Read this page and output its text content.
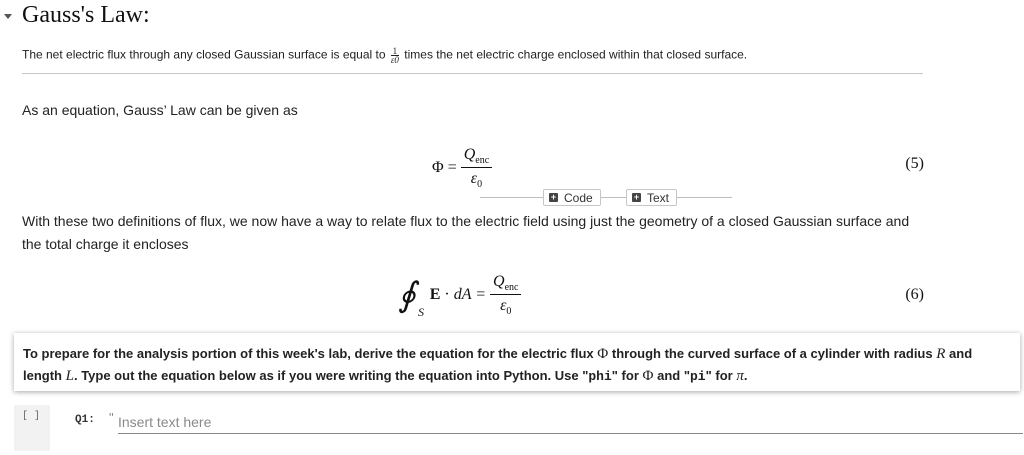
Gauss's Law:
The net electric flux through any closed Gaussian surface is equal to $\frac{1}{\varepsilon 0}$ times the net electric charge enclosed within that closed surface.
As an equation, Gauss’ Law can be given as
$\Phi = \frac{Q_{enc}}{\varepsilon_0}$	(5)
+ Code	+ Text
With these two definitions of flux, we now have a way to relate flux to the electric field using just the geometry of a closed Gaussian surface and the total charge it encloses
∮ S
E · dA = $\frac{Q_{enc}}{\varepsilon_0}$	(6)
To prepare for the analysis portion of this week's lab, derive the equation for the electric flux Φ through the curved surface of a cylinder with radius R and length L. Type out the equation below as if you were writing the equation into Python. Use "phi" for Φ and "pi" for π.
[ ]	Q1: "
Insert text here
